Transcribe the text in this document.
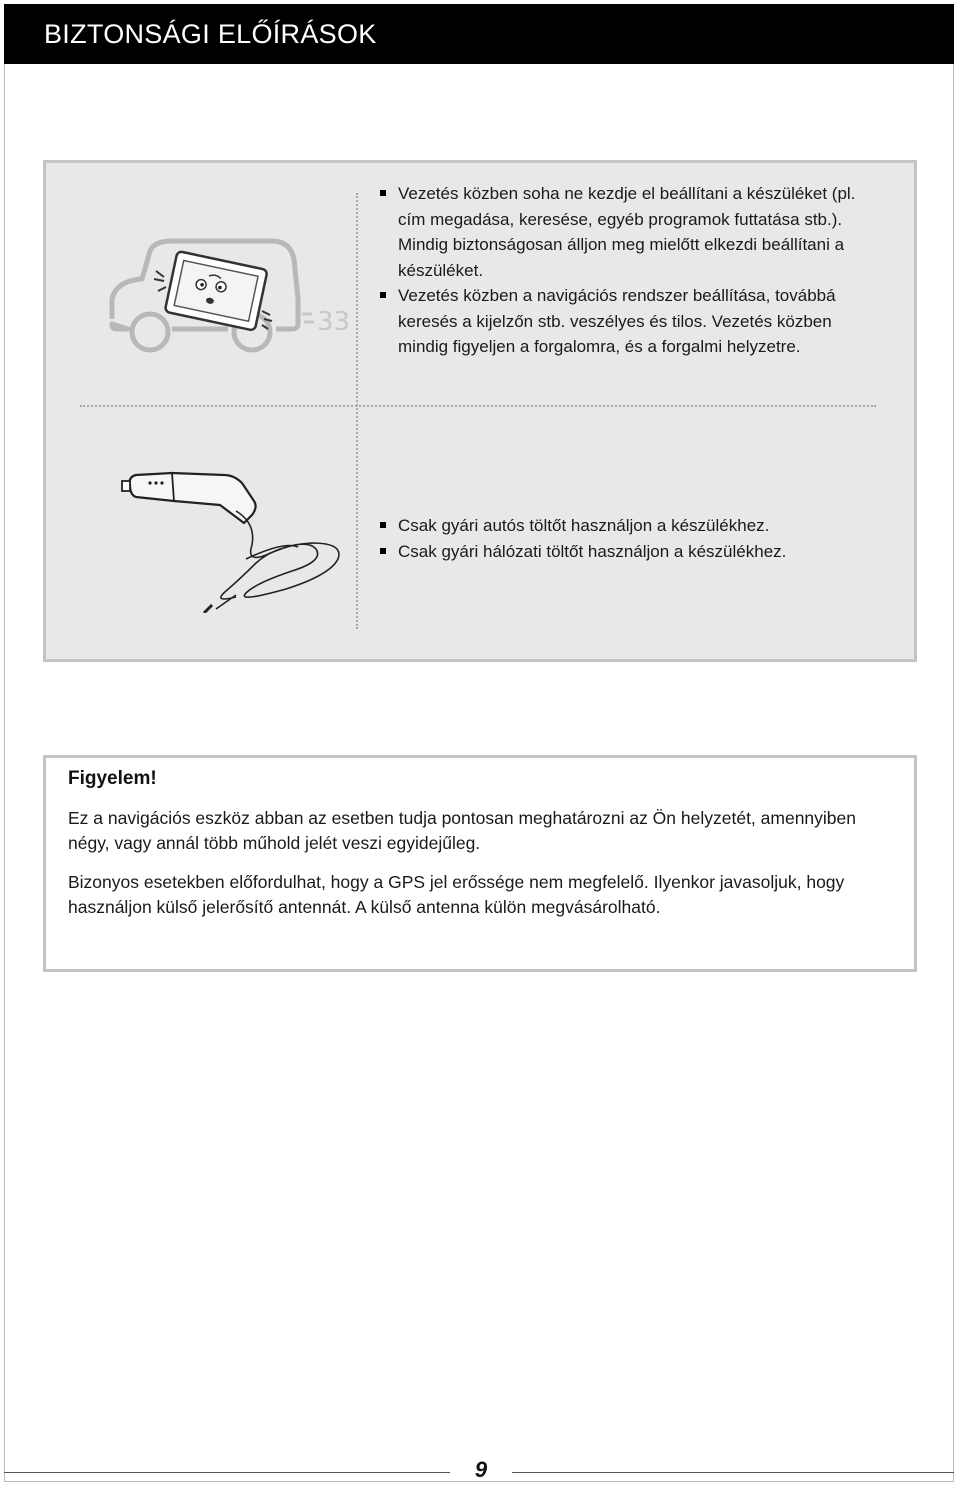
BIZTONSÁGI ELŐÍRÁSOK
33
Vezetés közben soha ne kezdje el beállítani a készüléket (pl. cím megadása, keresése, egyéb programok futtatása stb.). Mindig biztonságosan álljon meg mielőtt elkezdi beállítani a készüléket.
Vezetés közben a navigációs rendszer beállítása, továbbá keresés a kijelzőn stb. veszélyes és tilos. Vezetés közben mindig figyeljen a forgalomra, és a forgalmi helyzetre.
Csak gyári autós töltőt használjon a készülékhez.
Csak gyári hálózati töltőt használjon a készülékhez.
Figyelem!

Ez a navigációs eszköz abban az esetben tudja pontosan meghatározni az Ön helyzetét, amennyiben négy, vagy annál több műhold jelét veszi egyidejűleg.

Bizonyos esetekben előfordulhat, hogy a GPS jel erőssége nem megfelelő. Ilyenkor javasoljuk, hogy használjon külső jelerősítő antennát. A külső antenna külön megvásárolható.

9
